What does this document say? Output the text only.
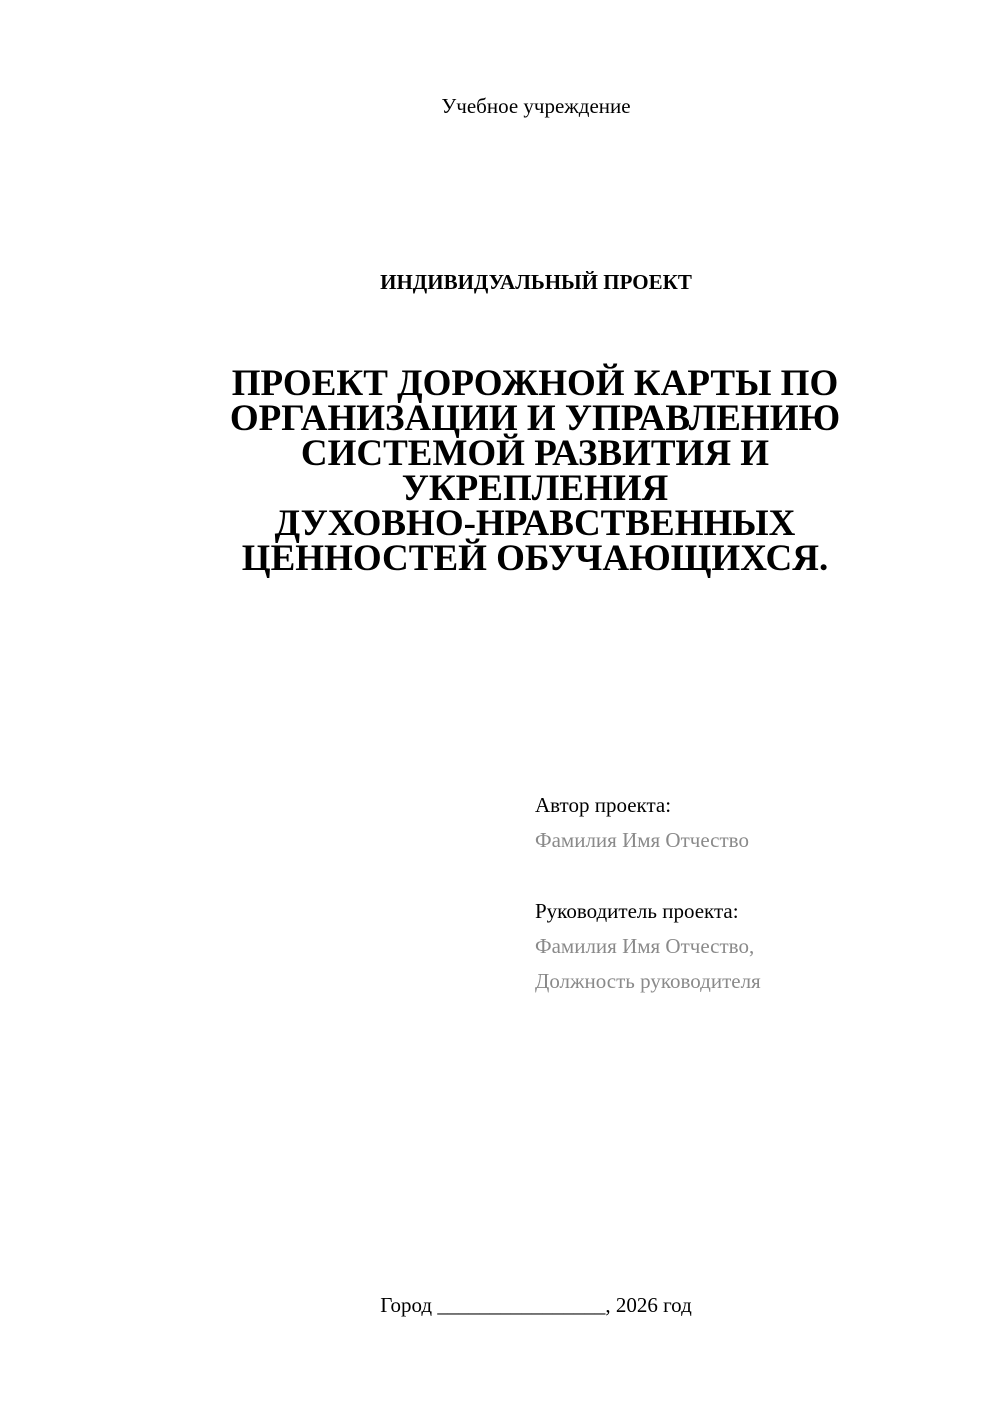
Учебное учреждение
ИНДИВИДУАЛЬНЫЙ ПРОЕКТ
ПРОЕКТ ДОРОЖНОЙ КАРТЫ ПО
ОРГАНИЗАЦИИ И УПРАВЛЕНИЮ
СИСТЕМОЙ РАЗВИТИЯ И
УКРЕПЛЕНИЯ
ДУХОВНО-НРАВСТВЕННЫХ
ЦЕННОСТЕЙ ОБУЧАЮЩИХСЯ.
Автор проекта:
Фамилия Имя Отчество
Руководитель проекта:
Фамилия Имя Отчество,
Должность руководителя
Город ________________, 2026 год
